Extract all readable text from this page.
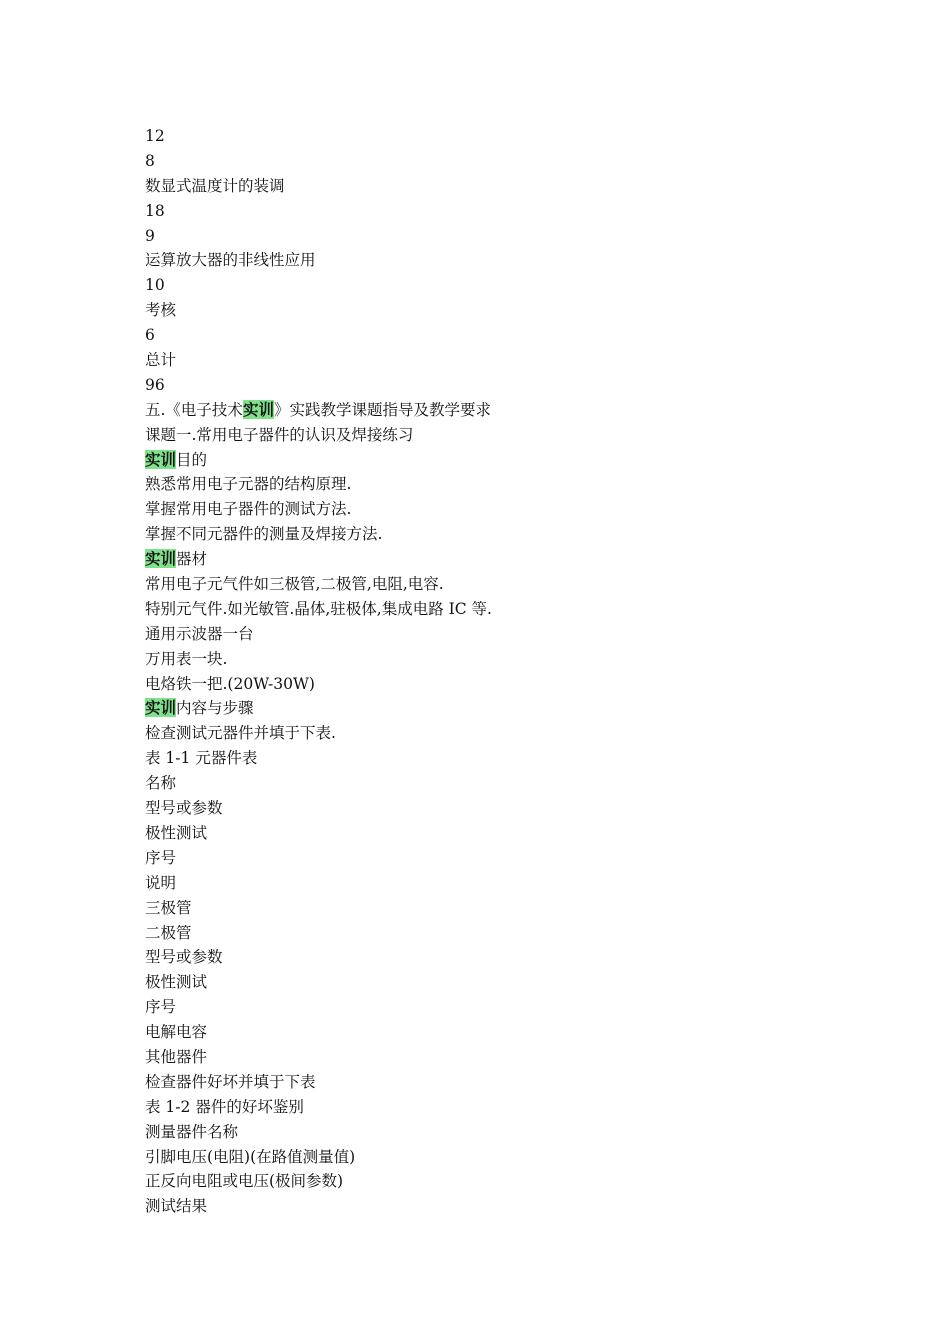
12
8
数显式温度计的装调
18
9
运算放大器的非线性应用
10
考核
6
总计
96
五.《电子技术实训》实践教学课题指导及教学要求
课题一.常用电子器件的认识及焊接练习
实训目的
熟悉常用电子元器的结构原理.
掌握常用电子器件的测试方法.
掌握不同元器件的测量及焊接方法.
实训器材
常用电子元气件如三极管,二极管,电阻,电容.
特别元气件.如光敏管.晶体,驻极体,集成电路 IC 等.
通用示波器一台
万用表一块.
电烙铁一把.(20W-30W)
实训内容与步骤
检查测试元器件并填于下表.
表 1-1 元器件表
名称
型号或参数
极性测试
序号
说明
三极管
二极管
型号或参数
极性测试
序号
电解电容
其他器件
检查器件好坏并填于下表
表 1-2 器件的好坏鉴别
测量器件名称
引脚电压(电阻)(在路值测量值)
正反向电阻或电压(极间参数)
测试结果
